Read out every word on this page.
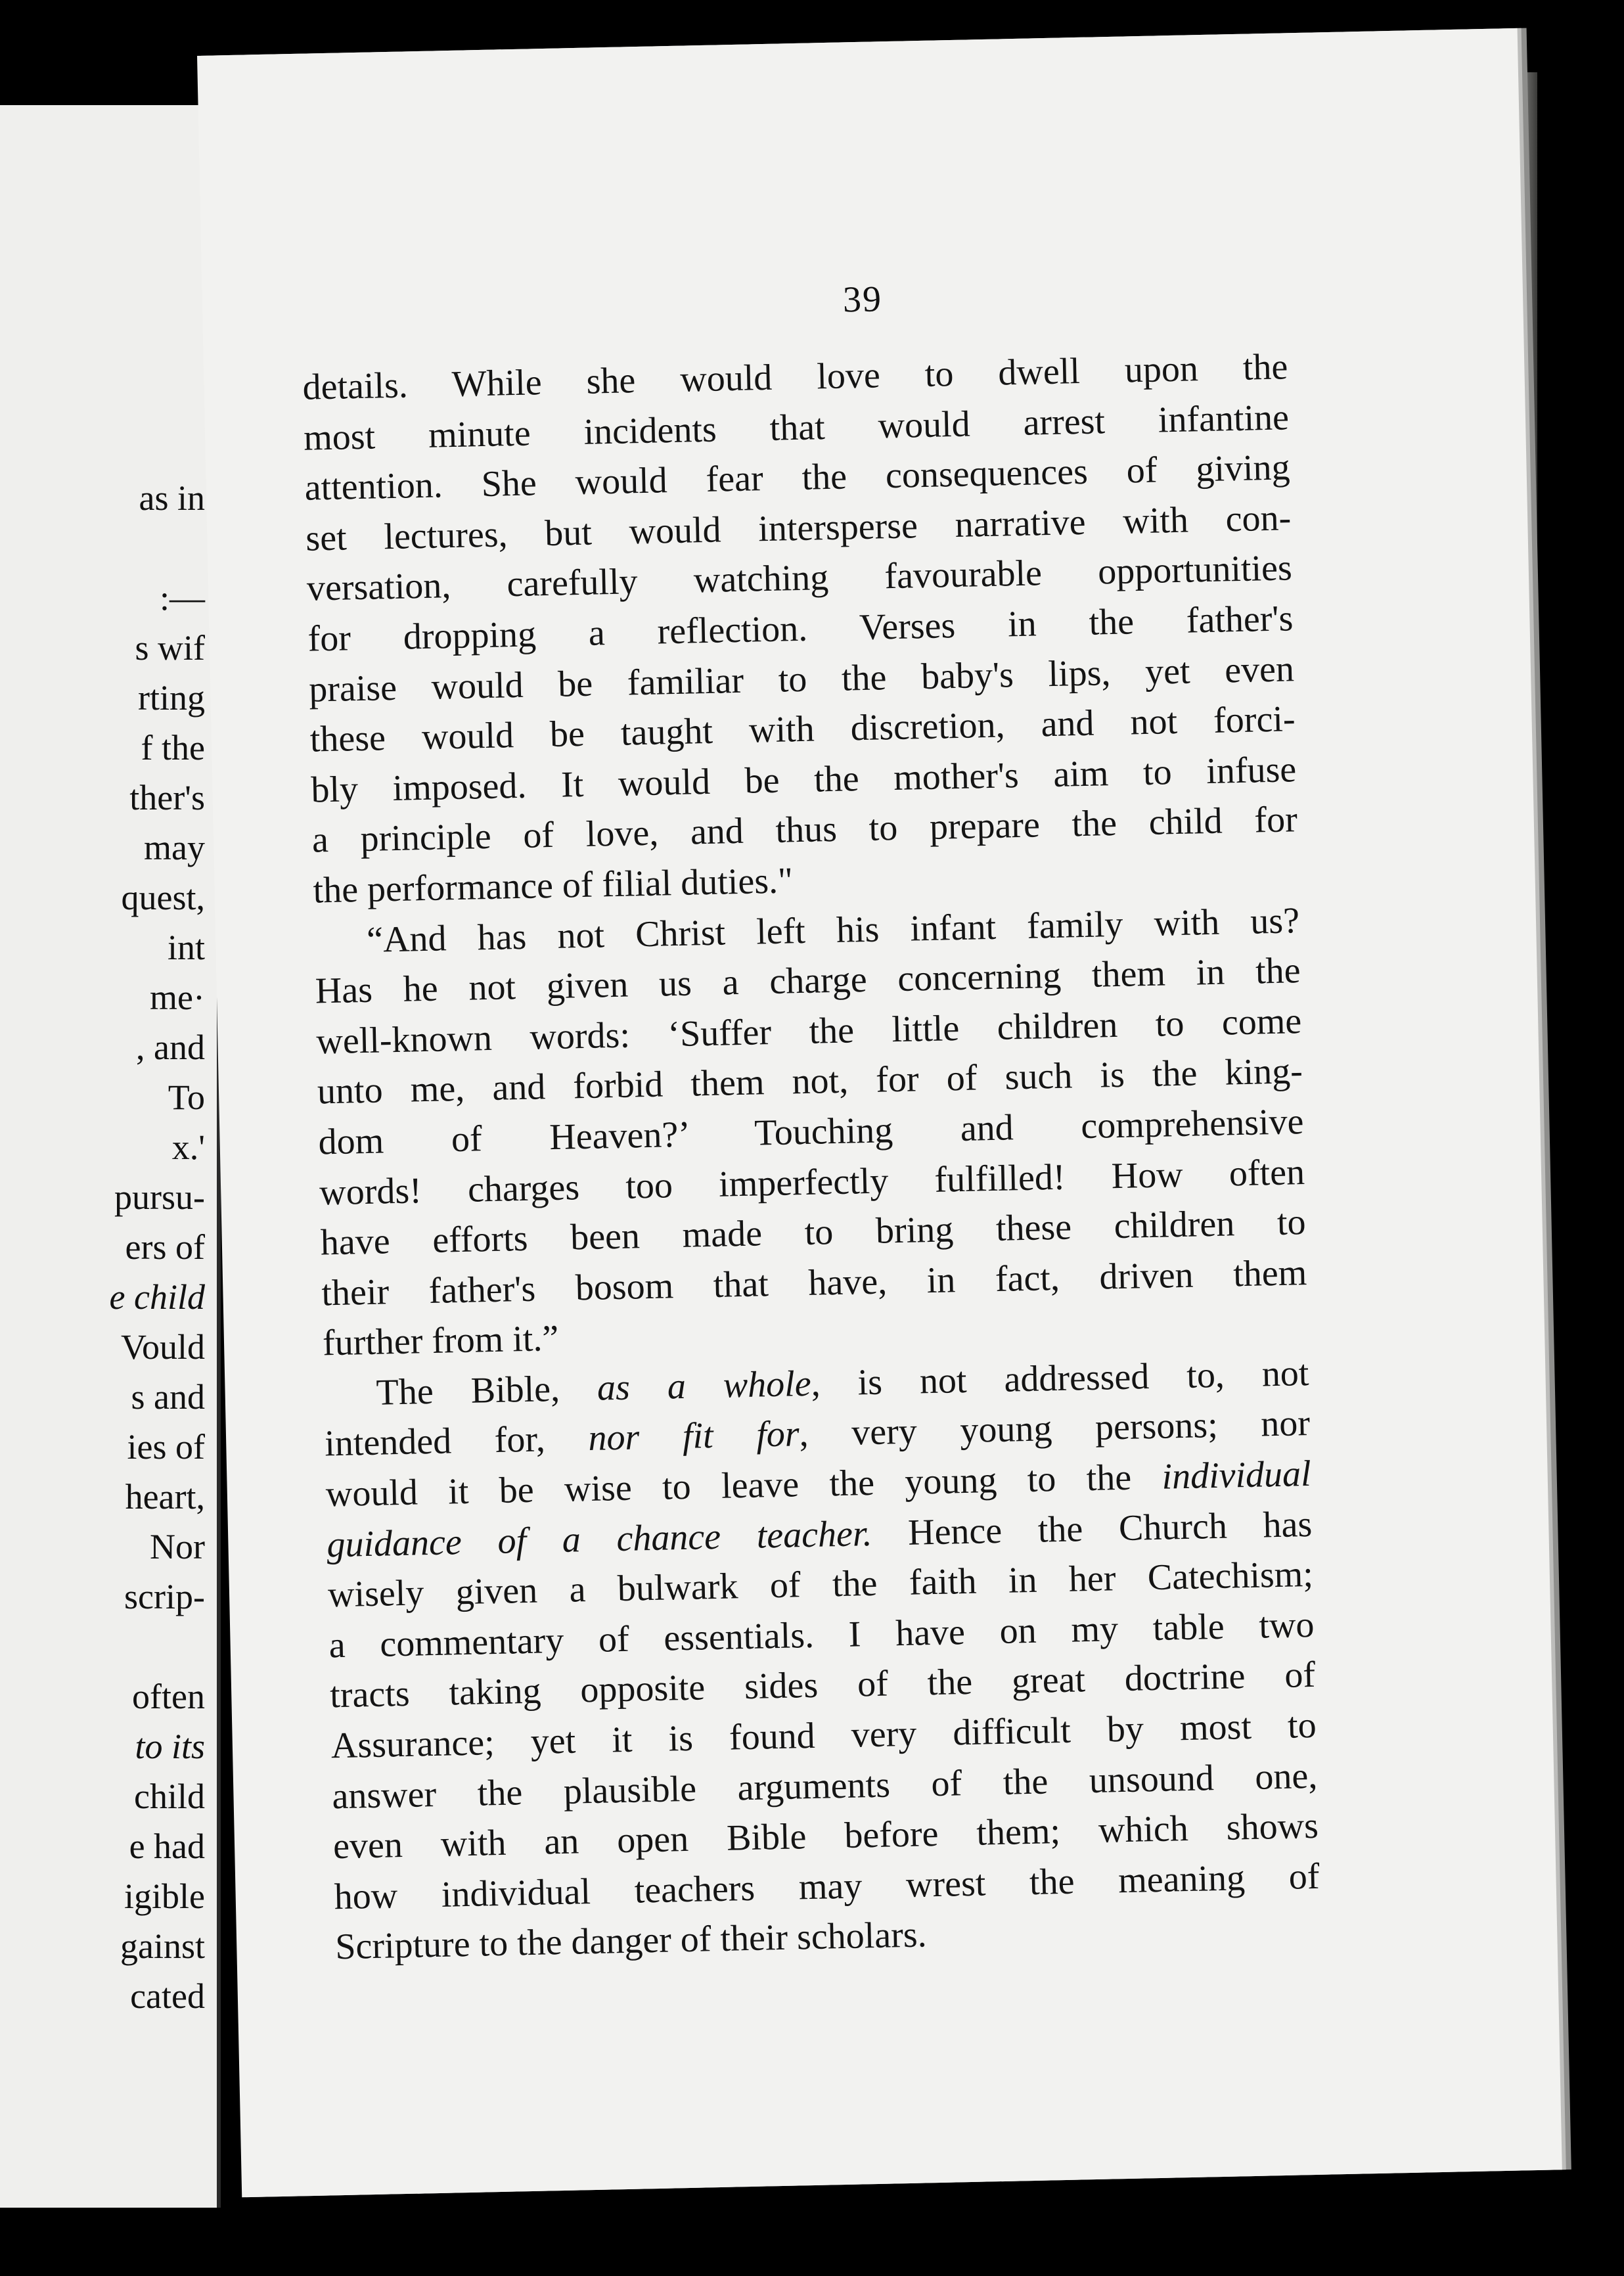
as in
:—
s wif
rting
f the
ther's
may
quest,
int
me·
, and
To
x.'
pursu-
ers of
e child
Vould
s and
ies of
heart,
Nor
scrip-
often
to its
child
e had
igible
gainst
cated
39
details. While she would love to dwell upon the
most minute incidents that would arrest infantine
attention. She would fear the consequences of giving
set lectures, but would intersperse narrative with con-
versation, carefully watching favourable opportunities
for dropping a reflection. Verses in the father's
praise would be familiar to the baby's lips, yet even
these would be taught with discretion, and not forci-
bly imposed. It would be the mother's aim to infuse
a principle of love, and thus to prepare the child for
the performance of filial duties."
“And has not Christ left his infant family with us?
Has he not given us a charge concerning them in the
well-known words: ‘Suffer the little children to come
unto me, and forbid them not, for of such is the king-
dom of Heaven?’ Touching and comprehensive
words! charges too imperfectly fulfilled! How often
have efforts been made to bring these children to
their father's bosom that have, in fact, driven them
further from it.”
The Bible, as a whole, is not addressed to, not
intended for, nor fit for, very young persons; nor
would it be wise to leave the young to the individual
guidance of a chance teacher. Hence the Church has
wisely given a bulwark of the faith in her Catechism;
a commentary of essentials. I have on my table two
tracts taking opposite sides of the great doctrine of
Assurance; yet it is found very difficult by most to
answer the plausible arguments of the unsound one,
even with an open Bible before them; which shows
how individual teachers may wrest the meaning of
Scripture to the danger of their scholars.
